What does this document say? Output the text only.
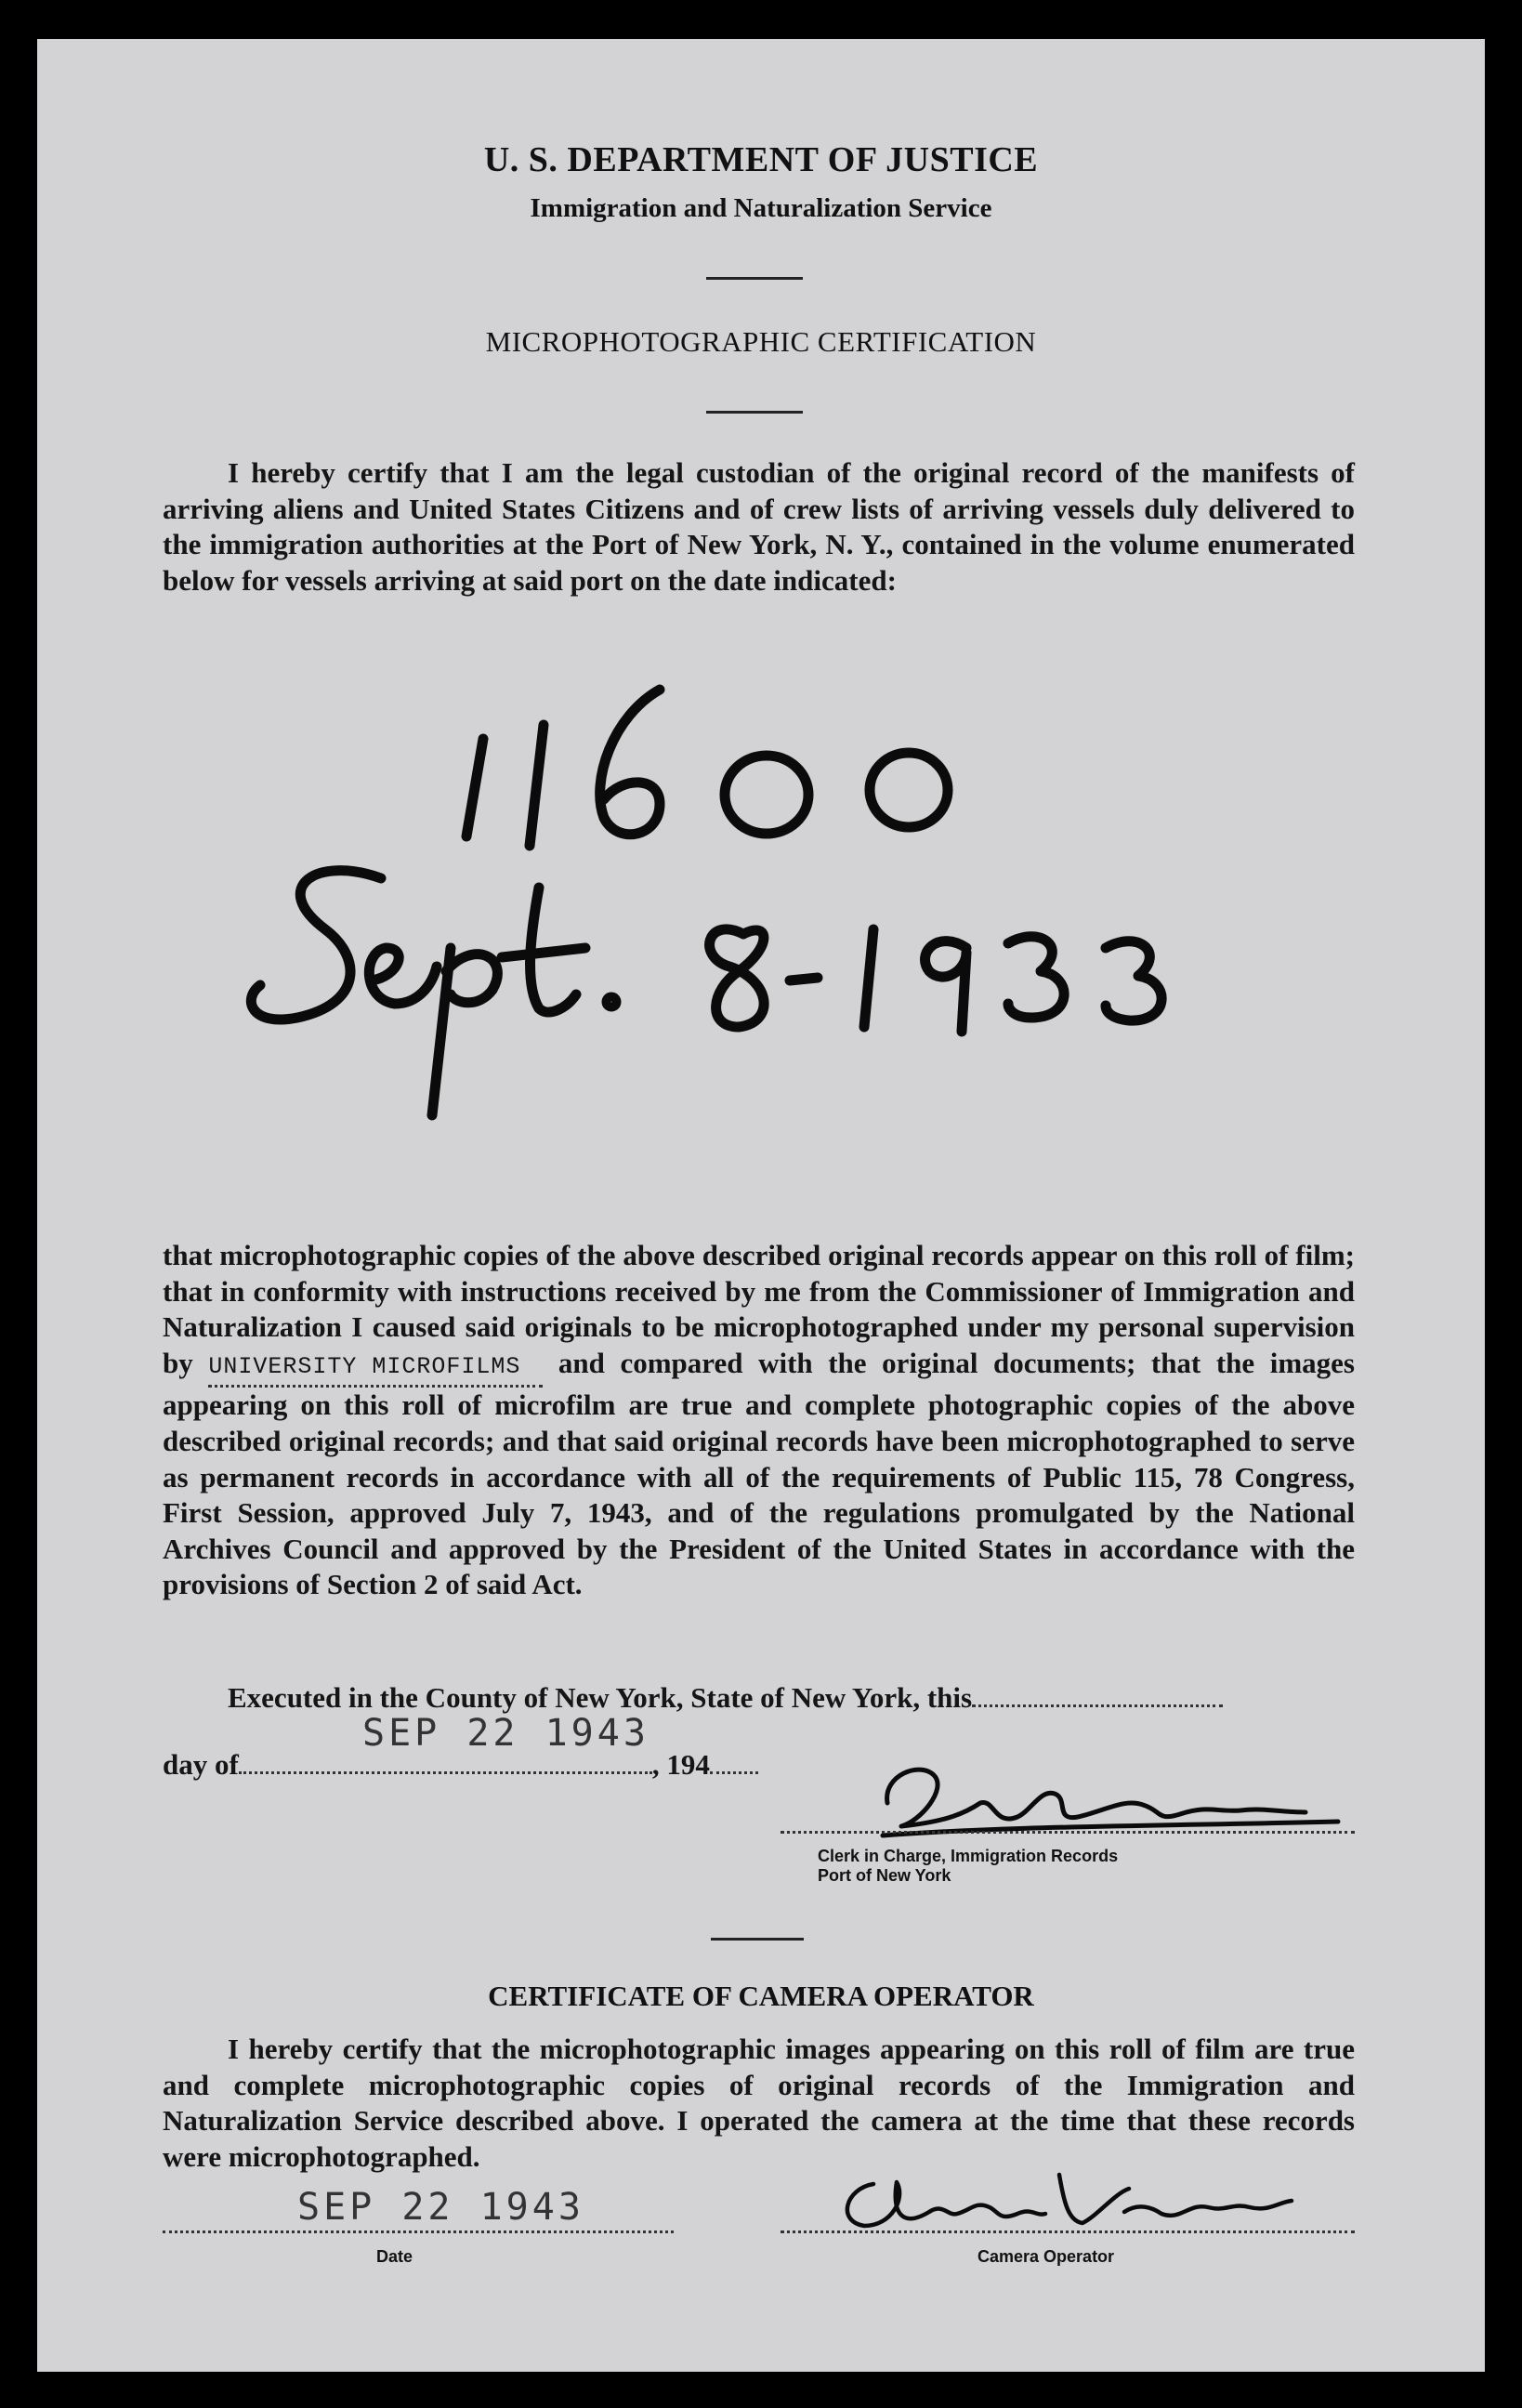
U. S. DEPARTMENT OF JUSTICE
Immigration and Naturalization Service
MICROPHOTOGRAPHIC CERTIFICATION
I hereby certify that I am the legal custodian of the original record of the manifests of arriving aliens and United States Citizens and of crew lists of arriving vessels duly delivered to the immigration authorities at the Port of New York, N. Y., contained in the volume enumerated below for vessels arriving at said port on the date indicated:
that microphotographic copies of the above described original records appear on this roll of film; that in conformity with instructions received by me from the Commissioner of Immigration and Naturalization I caused said originals to be microphotographed under my personal supervision by UNIVERSITY MICROFILMS and compared with the original documents; that the images appearing on this roll of microfilm are true and complete photographic copies of the above described original records; and that said original records have been microphotographed to serve as permanent records in accordance with all of the requirements of Public 115, 78 Congress, First Session, approved July 7, 1943, and of the regulations promulgated by the National Archives Council and approved by the President of the United States in accordance with the provisions of Section 2 of said Act.
Executed in the County of New York, State of New York, this
SEP 22 1943
day of	, 194
Clerk in Charge, Immigration Records
Port of New York
CERTIFICATE OF CAMERA OPERATOR
I hereby certify that the microphotographic images appearing on this roll of film are true and complete microphotographic copies of original records of the Immigration and Naturalization Service described above. I operated the camera at the time that these records were microphotographed.
SEP 22 1943
Date	Camera Operator
